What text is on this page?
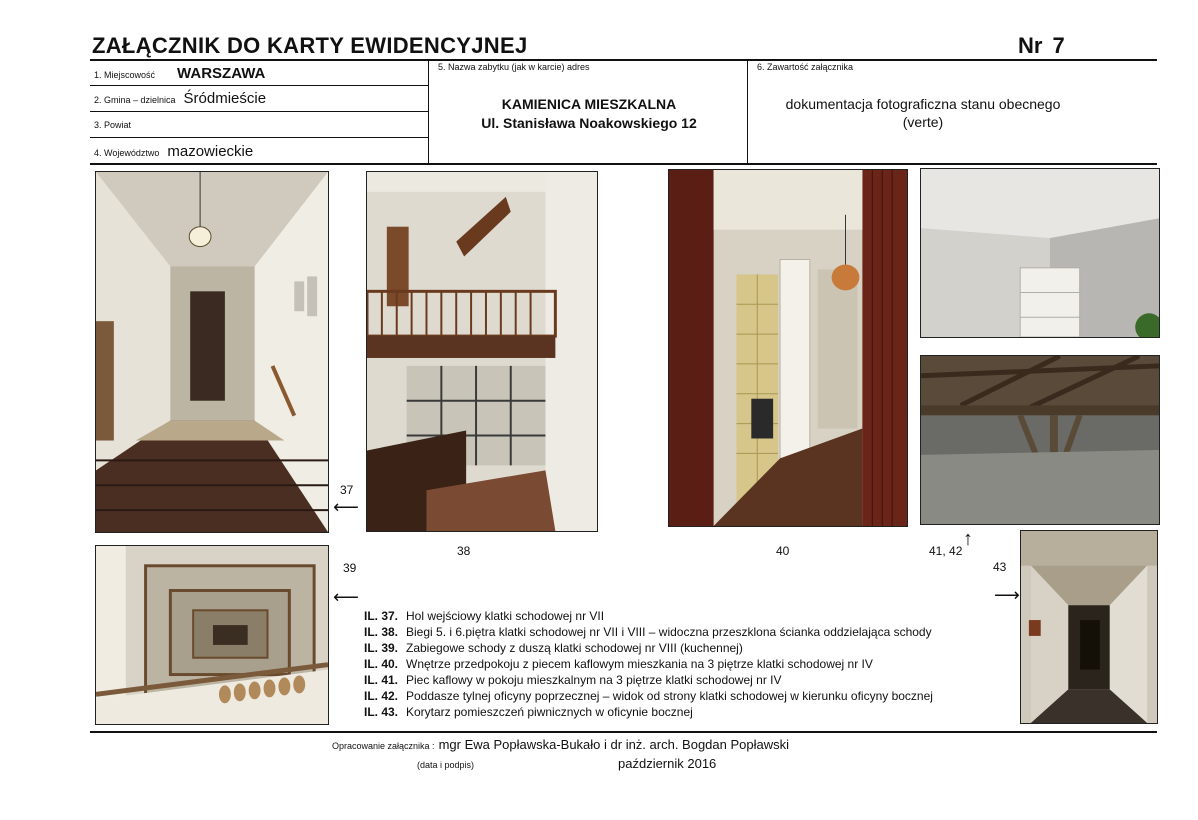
ZAŁĄCZNIK DO KARTY EWIDENCYJNEJ	Nr 7
1. Miejscowość WARSZAWA
2. Gmina – dzielnica Śródmieście
3. Powiat
4. Województwo mazowieckie
5. Nazwa zabytku (jak w karcie) adres
KAMIENICA MIESZKALNA
Ul. Stanisława Noakowskiego 12
6. Zawartość załącznika
dokumentacja fotograficzna stanu obecnego
(verte)
37
⟵
38	40	41, 42
↑
39
⟵
43
⟶
IL. 37. Hol wejściowy klatki schodowej nr VII
IL. 38. Biegi 5. i 6.piętra klatki schodowej nr VII i VIII – widoczna przeszklona ścianka oddzielająca schody
IL. 39. Zabiegowe schody z duszą klatki schodowej nr VIII (kuchennej)
IL. 40. Wnętrze przedpokoju z piecem kaflowym mieszkania na 3 piętrze klatki schodowej nr IV
IL. 41. Piec kaflowy w pokoju mieszkalnym na 3 piętrze klatki schodowej nr IV
IL. 42. Poddasze tylnej oficyny poprzecznej – widok od strony klatki schodowej w kierunku oficyny bocznej
IL. 43. Korytarz pomieszczeń piwnicznych w oficynie bocznej
Opracowanie załącznika : mgr Ewa Popławska-Bukało i dr inż. arch. Bogdan Popławski
(data i podpis)	październik 2016
